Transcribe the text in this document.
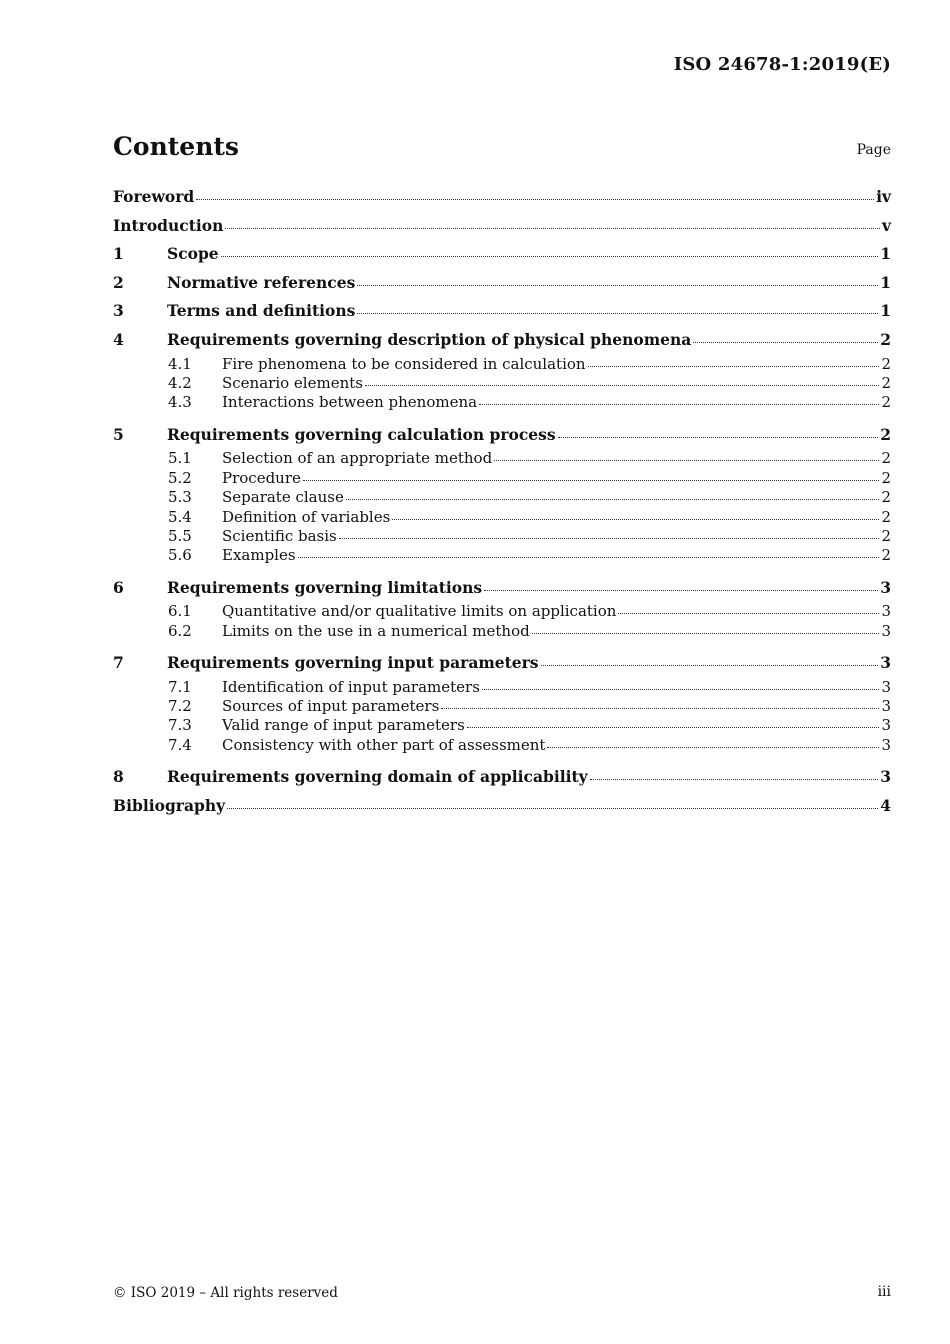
ISO 24678-1:2019(E)
Contents	Page
Foreword	iv
Introduction	v
1	Scope	1
2	Normative references	1
3	Terms and definitions	1
4	Requirements governing description of physical phenomena	2
4.1	Fire phenomena to be considered in calculation	2
4.2	Scenario elements	2
4.3	Interactions between phenomena	2
5	Requirements governing calculation process	2
5.1	Selection of an appropriate method	2
5.2	Procedure	2
5.3	Separate clause	2
5.4	Definition of variables	2
5.5	Scientific basis	2
5.6	Examples	2
6	Requirements governing limitations	3
6.1	Quantitative and/or qualitative limits on application	3
6.2	Limits on the use in a numerical method	3
7	Requirements governing input parameters	3
7.1	Identification of input parameters	3
7.2	Sources of input parameters	3
7.3	Valid range of input parameters	3
7.4	Consistency with other part of assessment	3
8	Requirements governing domain of applicability	3
Bibliography	4
© ISO 2019 – All rights reserved	iii
